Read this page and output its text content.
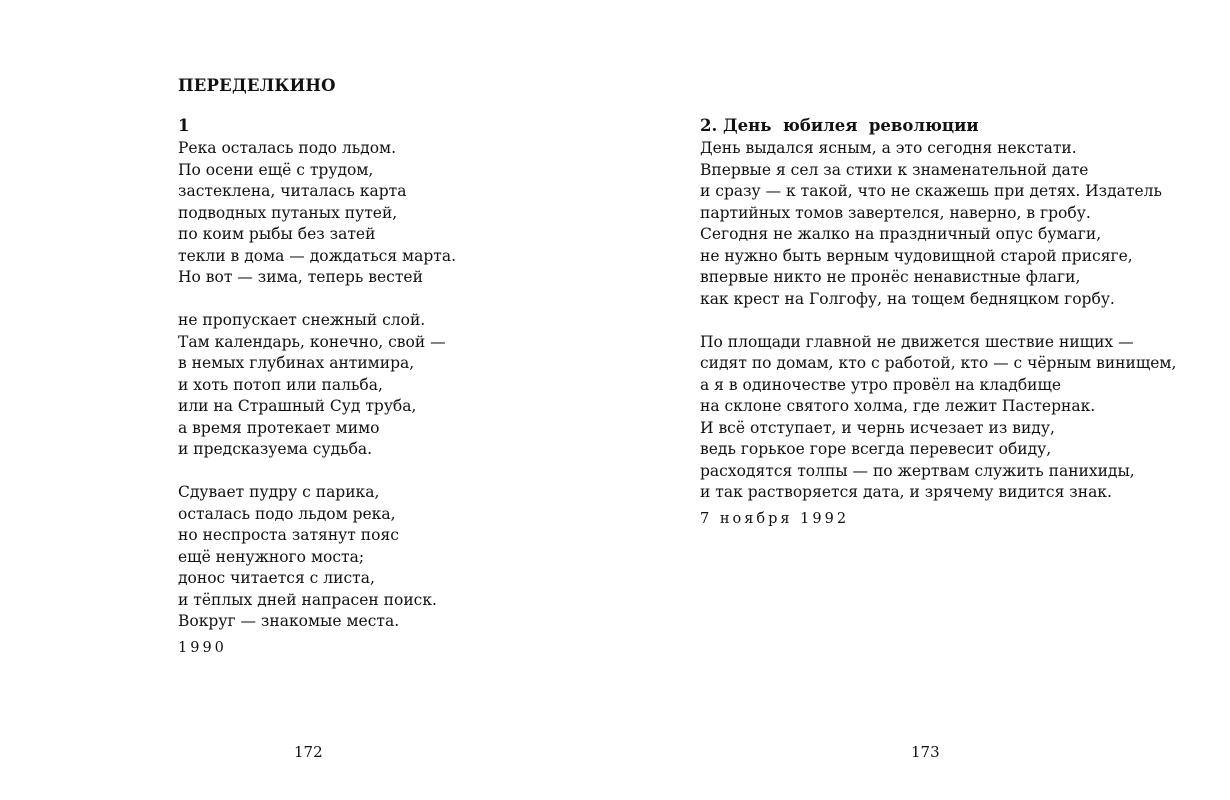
ПЕРЕДЕЛКИНО
1
Река осталась подо льдом.
По осени ещё с трудом,
застеклена, читалась карта
подводных путаных путей,
по коим рыбы без затей
текли в дома — дождаться марта.
Но вот — зима, теперь вестей
не пропускает снежный слой.
Там календарь, конечно, свой —
в немых глубинах антимира,
и хоть потоп или пальба,
или на Страшный Суд труба,
а время протекает мимо
и предсказуема судьба.
Сдувает пудру с парика,
осталась подо льдом река,
но неспроста затянут пояс
ещё ненужного моста;
донос читается с листа,
и тёплых дней напрасен поиск.
Вокруг — знакомые места.
1990
172
2. День  юбилея  революции
День выдался ясным, а это сегодня некстати.
Впервые я сел за стихи к знаменательной дате
и сразу — к такой, что не скажешь при детях. Издатель
партийных томов завертелся, наверно, в гробу.
Сегодня не жалко на праздничный опус бумаги,
не нужно быть верным чудовищной старой присяге,
впервые никто не пронёс ненавистные флаги,
как крест на Голгофу, на тощем бедняцком горбу.
По площади главной не движется шествие нищих —
сидят по домам, кто с работой, кто — с чёрным винищем,
а я в одиночестве утро провёл на кладбище
на склоне святого холма, где лежит Пастернак.
И всё отступает, и чернь исчезает из виду,
ведь горькое горе всегда перевесит обиду,
расходятся толпы — по жертвам служить панихиды,
и так растворяется дата, и зрячему видится знак.
7 ноября 1992
173
